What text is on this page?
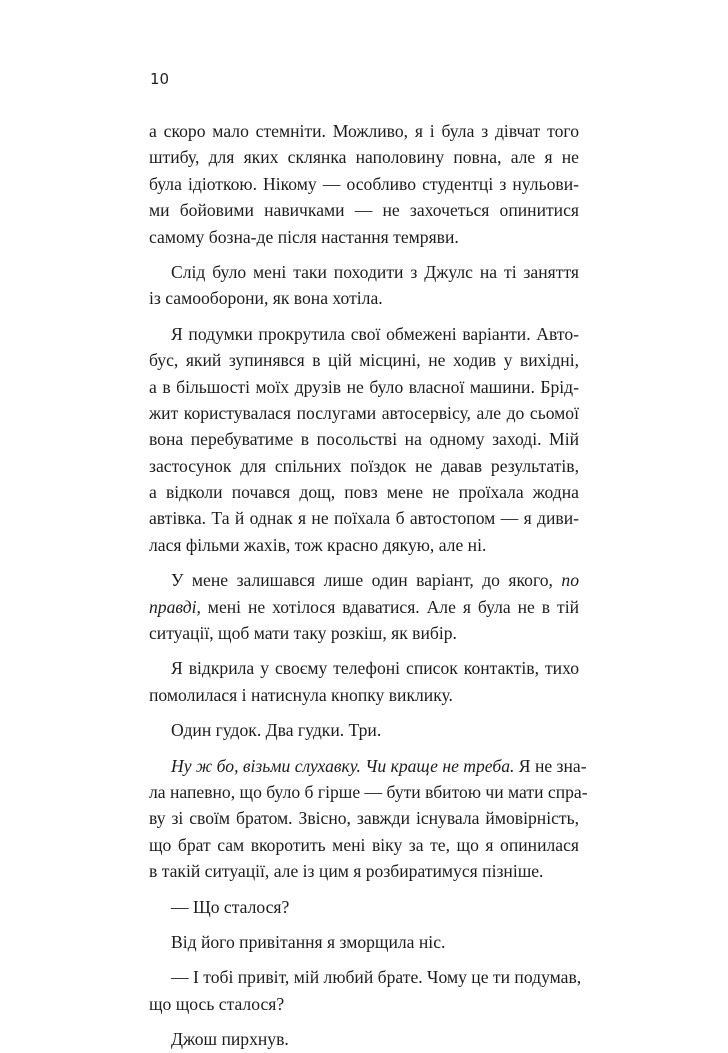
10
а скоро мало стемніти. Можливо, я і була з дівчат того
штибу, для яких склянка наполовину повна, але я не
була ідіоткою. Нікому — особливо студентці з нульови-
ми бойовими навичками — не захочеться опинитися
самому бозна-де після настання темряви.
Слід було мені таки походити з Джулс на ті заняття
із самооборони, як вона хотіла.
Я подумки прокрутила свої обмежені варіанти. Авто-
бус, який зупинявся в цій місцині, не ходив у вихідні,
а в більшості моїх друзів не було власної машини. Брід-
жит користувалася послугами автосервісу, але до сьомої
вона перебуватиме в посольстві на одному заході. Мій
застосунок для спільних поїздок не давав результатів,
а відколи почався дощ, повз мене не проїхала жодна
автівка. Та й однак я не поїхала б автостопом — я диви-
лася фільми жахів, тож красно дякую, але ні.
У мене залишався лише один варіант, до якого, по
правді, мені не хотілося вдаватися. Але я була не в тій
ситуації, щоб мати таку розкіш, як вибір.
Я відкрила у своєму телефоні список контактів, тихо
помолилася і натиснула кнопку виклику.
Один гудок. Два гудки. Три.
Ну ж бо, візьми слухавку. Чи краще не треба. Я не зна-
ла напевно, що було б гірше — бути вбитою чи мати спра-
ву зі своїм братом. Звісно, завжди існувала ймовірність,
що брат сам вкоротить мені віку за те, що я опинилася
в такій ситуації, але із цим я розбиратимуся пізніше.
— Що сталося?
Від його привітання я зморщила ніс.
— І тобі привіт, мій любий брате. Чому це ти подумав,
що щось сталося?
Джош пирхнув.
